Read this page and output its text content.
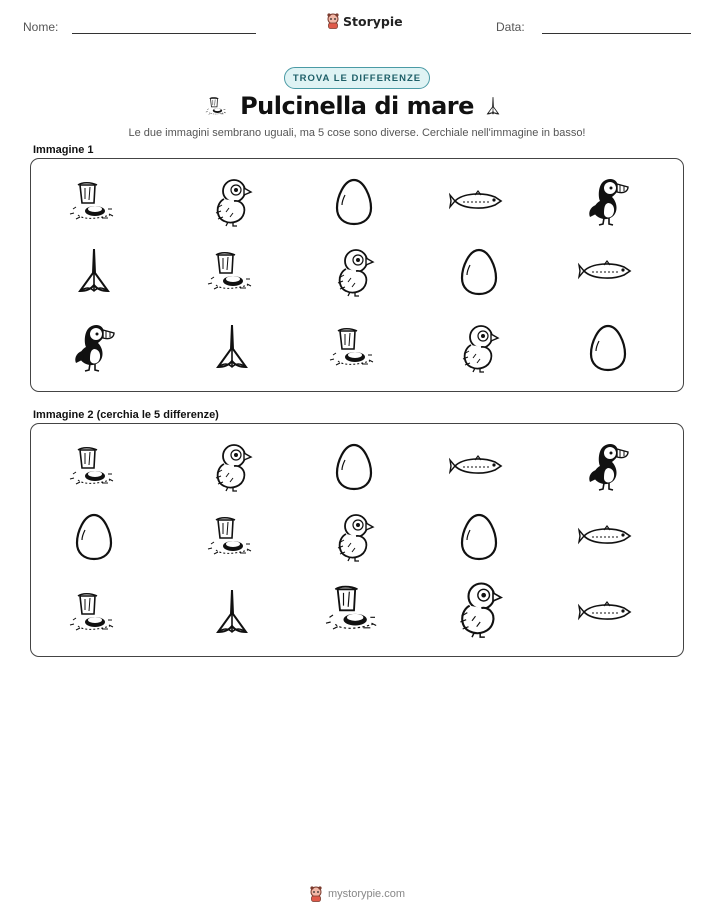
Nome:	Storypie	Data:
TROVA LE DIFFERENZE
Pulcinella di mare
Le due immagini sembrano uguali, ma 5 cose sono diverse. Cerchiale nell'immagine in basso!
Immagine 1
Immagine 2 (cerchia le 5 differenze)
mystorypie.com
